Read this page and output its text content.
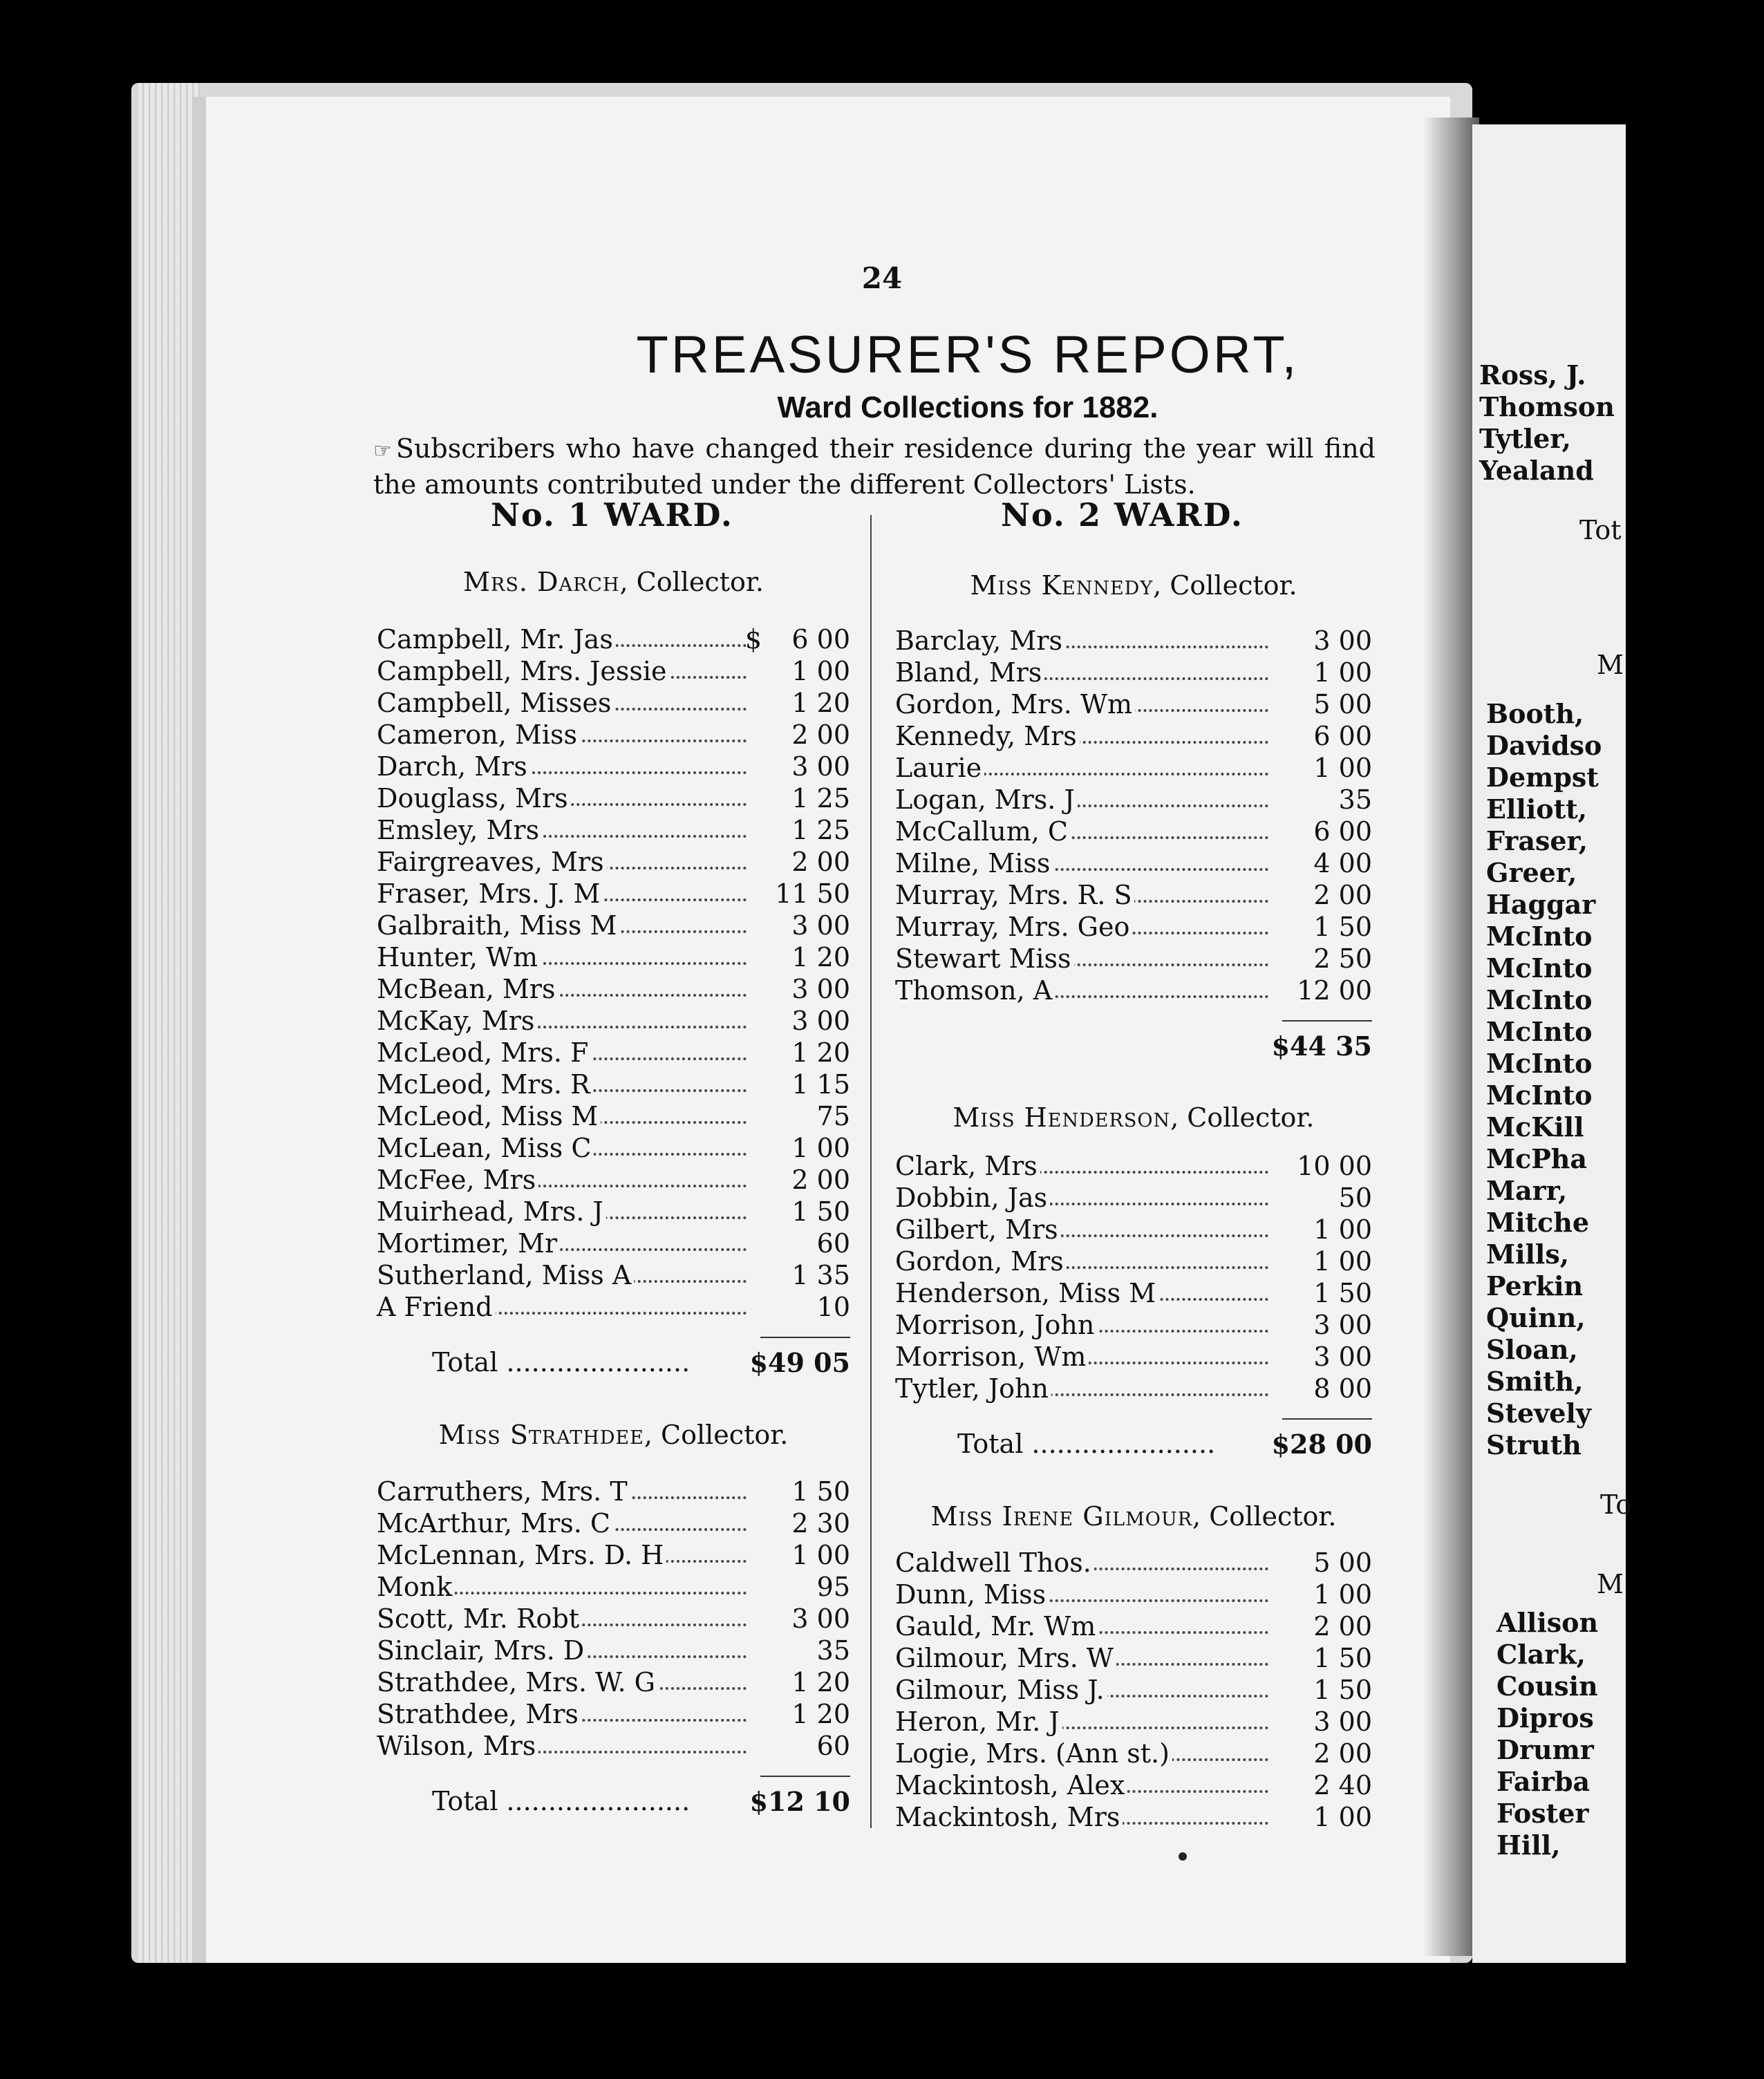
Ross, J.
Thomson
Tytler,
Yealand
Tot
M
Booth,
Davidso
Dempst
Elliott,
Fraser,
Greer,
Haggar
McInto
McInto
McInto
McInto
McInto
McInto
McKill
McPha
Marr,
Mitche
Mills,
Perkin
Quinn,
Sloan,
Smith,
Stevely
Struth
To
M
Allison
Clark,
Cousin
Dipros
Drumr
Fairba
Foster
Hill,
24
TREASURER'S REPORT,
Ward Collections for 1882.
☞ Subscribers who have changed their residence during the year will find the amounts contributed under the different Collectors' Lists.
No. 1 WARD.	No. 2 WARD.
Mrs. Darch, Collector.
Campbell, Mr. Jas	$	6 00
Campbell, Mrs. Jessie	1 00
Campbell, Misses	1 20
Cameron, Miss	2 00
Darch, Mrs	3 00
Douglass, Mrs	1 25
Emsley, Mrs	1 25
Fairgreaves, Mrs	2 00
Fraser, Mrs. J. M	11 50
Galbraith, Miss M	3 00
Hunter, Wm	1 20
McBean, Mrs	3 00
McKay, Mrs	3 00
McLeod, Mrs. F	1 20
McLeod, Mrs. R	1 15
McLeod, Miss M	75
McLean, Miss C	1 00
McFee, Mrs	2 00
Muirhead, Mrs. J	1 50
Mortimer, Mr	60
Sutherland, Miss A	1 35
A Friend	10
Total ...................... $49 05
Miss Strathdee, Collector.
Carruthers, Mrs. T	1 50
McArthur, Mrs. C	2 30
McLennan, Mrs. D. H	1 00
Monk	95
Scott, Mr. Robt	3 00
Sinclair, Mrs. D	35
Strathdee, Mrs. W. G	1 20
Strathdee, Mrs	1 20
Wilson, Mrs	60
Total ...................... $12 10
Miss Kennedy, Collector.
Barclay, Mrs	3 00
Bland, Mrs	1 00
Gordon, Mrs. Wm	5 00
Kennedy, Mrs	6 00
Laurie	1 00
Logan, Mrs. J	35
McCallum, C	6 00
Milne, Miss	4 00
Murray, Mrs. R. S	2 00
Murray, Mrs. Geo	1 50
Stewart Miss	2 50
Thomson, A	12 00
$44 35
Miss Henderson, Collector.
Clark, Mrs	10 00
Dobbin, Jas	50
Gilbert, Mrs	1 00
Gordon, Mrs	1 00
Henderson, Miss M	1 50
Morrison, John	3 00
Morrison, Wm	3 00
Tytler, John	8 00
Total ...................... $28 00
Miss Irene Gilmour, Collector.
Caldwell Thos.	5 00
Dunn, Miss	1 00
Gauld, Mr. Wm	2 00
Gilmour, Mrs. W	1 50
Gilmour, Miss J.	1 50
Heron, Mr. J	3 00
Logie, Mrs. (Ann st.)	2 00
Mackintosh, Alex	2 40
Mackintosh, Mrs	1 00
